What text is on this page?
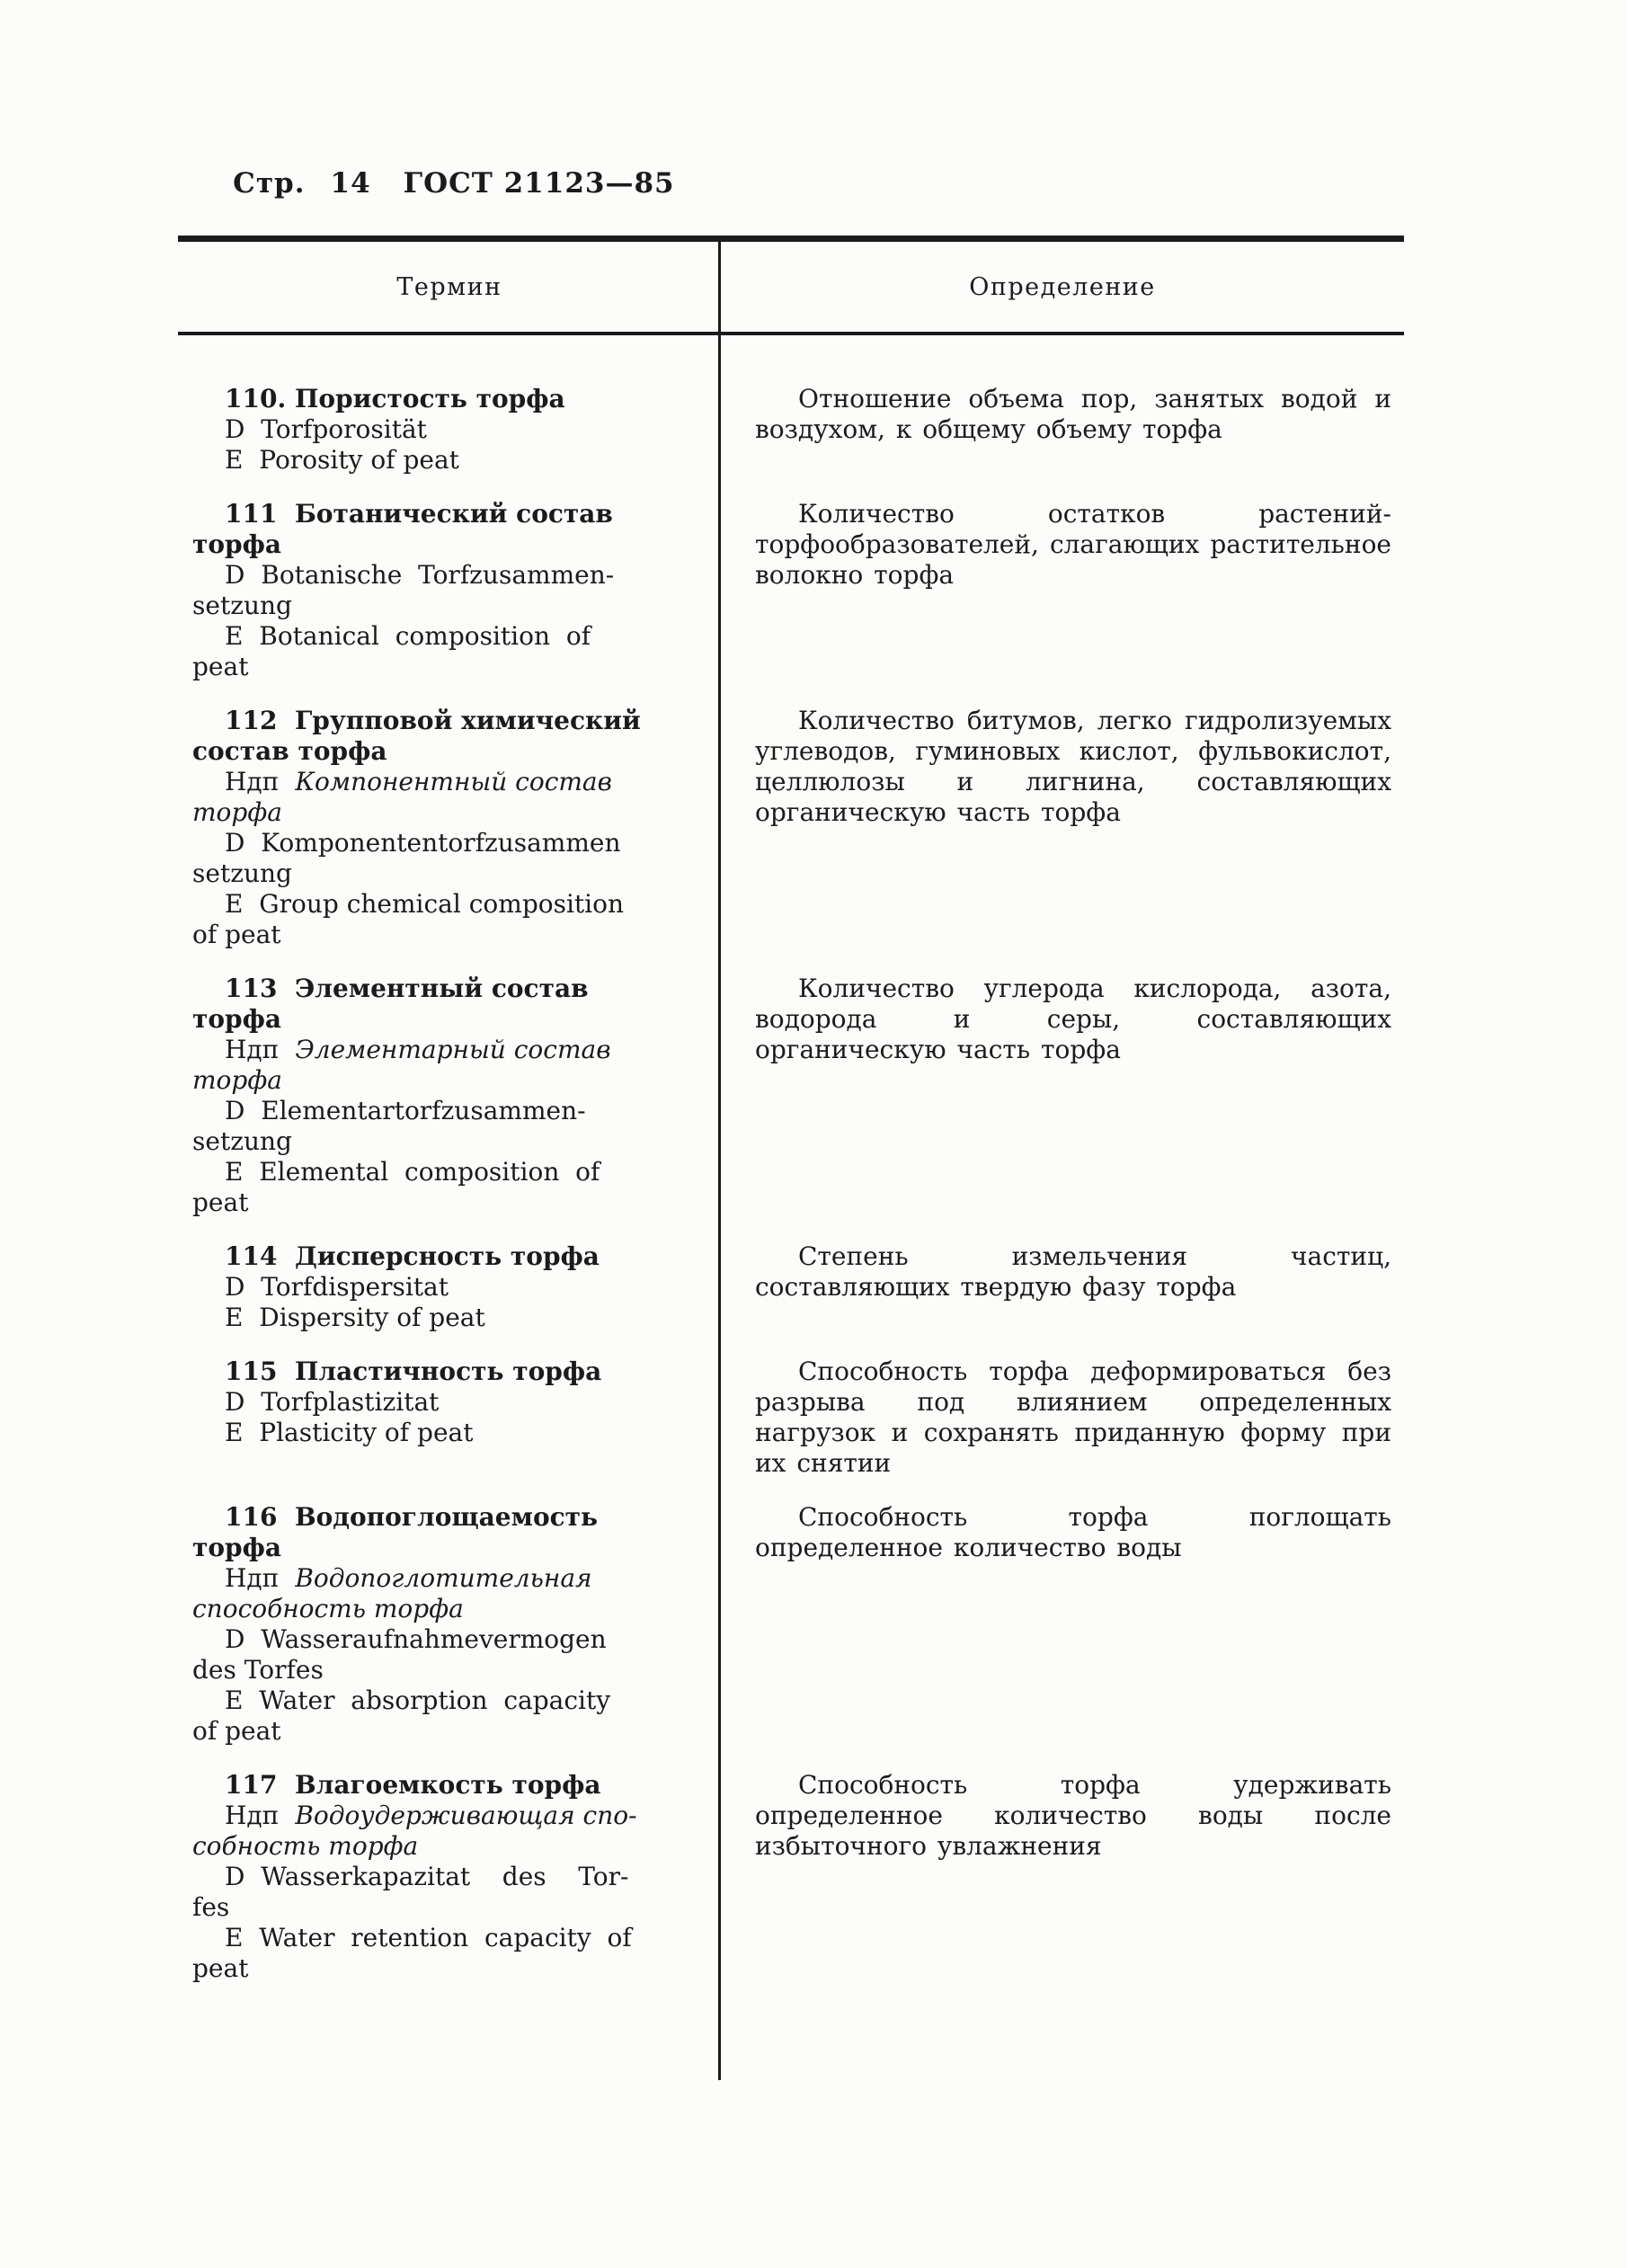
Стр. 14 ГОСТ 21123—85

Термин	Определение

110. Пористость торфа

D  Torfporosität

E  Porosity of peat

Отношение объема пор, занятых водой и воздухом, к общему объему торфа

111  Ботанический состав

торфа

D  Botanische  Torfzusammen-

setzung

E  Botanical  composition  of

peat

Количество остатков растений-торфообразователей, слагающих растительное волокно торфа

112  Групповой химический

состав торфа

Ндп Компонентный состав

торфа

D  Komponententorfzusammen

setzung

E  Group chemical composition

of peat

Количество битумов, легко гидролизуемых углеводов, гуминовых кислот, фульвокислот, целлюлозы и лигнина, составляющих органическую часть торфа

113  Элементный состав

торфа

Ндп Элементарный состав

торфа

D  Elementartorfzusammen-

setzung

E  Elemental  composition  of

peat

Количество углерода кислорода, азота, водорода и серы, составляющих органическую часть торфа

114  Дисперсность торфа

D  Torfdispersitat

E  Dispersity of peat

Степень измельчения частиц, составляющих твердую фазу торфа

115  Пластичность торфа

D  Torfplastizitat

E  Plasticity of peat

Способность торфа деформироваться без разрыва под влиянием определенных нагрузок и сохранять приданную форму при их снятии

116  Водопоглощаемость

торфа

Ндп Водопоглотительная

способность торфа

D  Wasseraufnahmevermogen

des Torfes

E  Water  absorption  capacity

of peat

Способность торфа поглощать определенное количество воды

117  Влагоемкость торфа

Ндп Водоудерживающая спо-

собность торфа

D  Wasserkapazitat    des    Tor-

fes

E  Water  retention  capacity  of

peat

Способность торфа удерживать определенное количество воды после избыточного увлажнения
